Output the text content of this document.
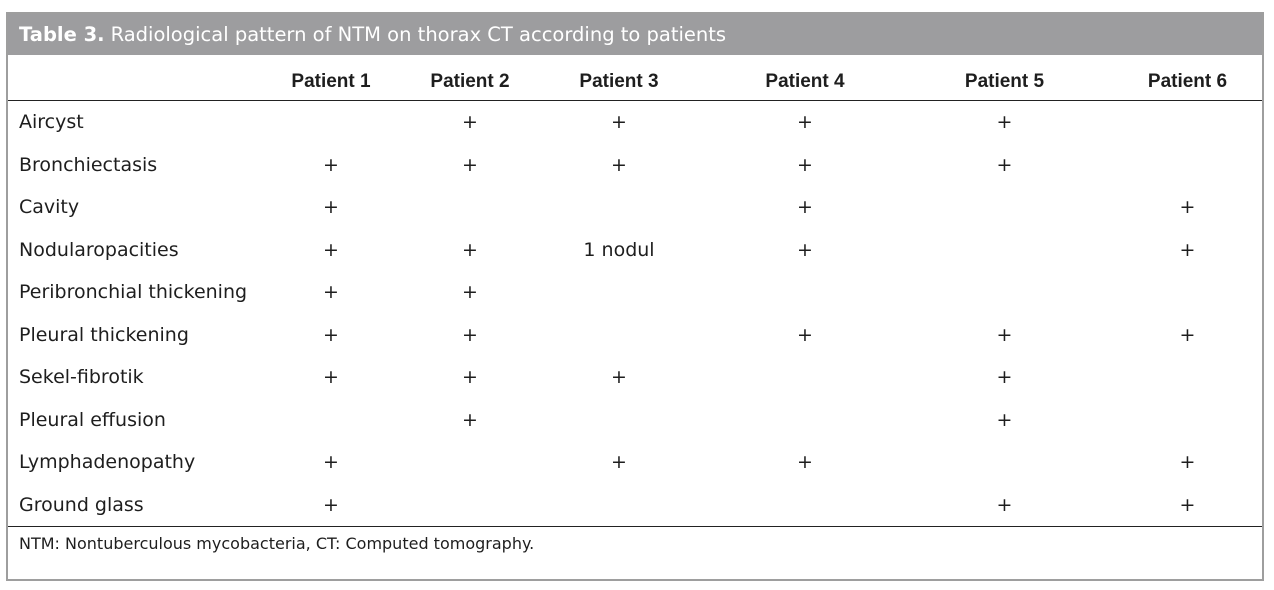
Table 3. Radiological pattern of NTM on thorax CT according to patients
	Patient 1	Patient 2	Patient 3	Patient 4	Patient 5	Patient 6
Aircyst		+	+	+	+	
Bronchiectasis	+	+	+	+	+	
Cavity	+			+		+
Nodularopacities	+	+	1 nodul	+		+
Peribronchial thickening	+	+				
Pleural thickening	+	+		+	+	+
Sekel-fibrotik	+	+	+		+	
Pleural effusion		+			+	
Lymphadenopathy	+		+	+		+
Ground glass	+				+	+
NTM: Nontuberculous mycobacteria, CT: Computed tomography.
